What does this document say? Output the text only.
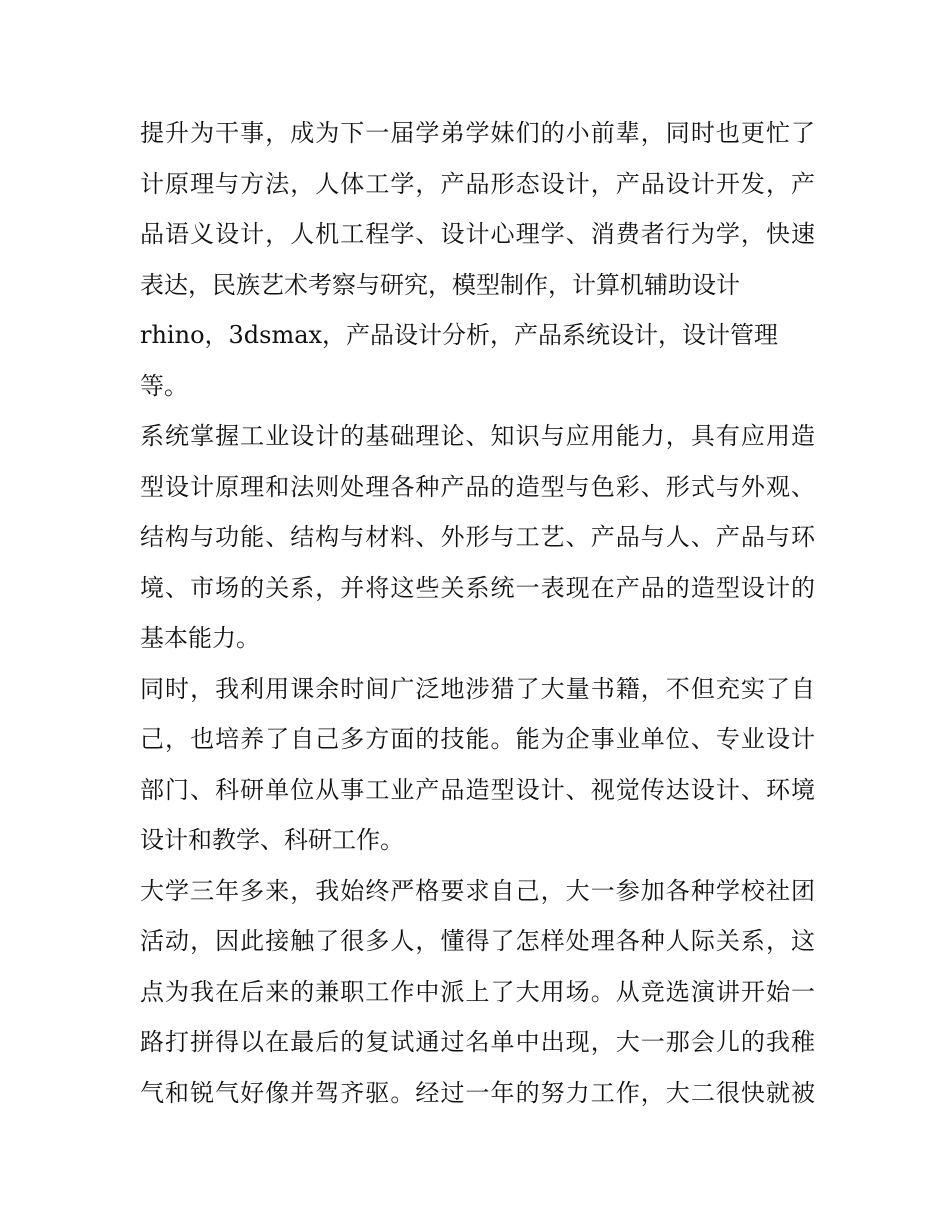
提升为干事，成为下一届学弟学妹们的小前辈，同时也更忙了
计原理与方法，人体工学，产品形态设计，产品设计开发，产
品语义设计，人机工程学、设计心理学、消费者行为学，快速
表达，民族艺术考察与研究，模型制作，计算机辅助设计
rhino，3dsmax，产品设计分析，产品系统设计，设计管理
等。
系统掌握工业设计的基础理论、知识与应用能力，具有应用造
型设计原理和法则处理各种产品的造型与色彩、形式与外观、
结构与功能、结构与材料、外形与工艺、产品与人、产品与环
境、市场的关系，并将这些关系统一表现在产品的造型设计的
基本能力。
同时，我利用课余时间广泛地涉猎了大量书籍，不但充实了自
己，也培养了自己多方面的技能。能为企事业单位、专业设计
部门、科研单位从事工业产品造型设计、视觉传达设计、环境
设计和教学、科研工作。
大学三年多来，我始终严格要求自己，大一参加各种学校社团
活动，因此接触了很多人，懂得了怎样处理各种人际关系，这
点为我在后来的兼职工作中派上了大用场。从竞选演讲开始一
路打拼得以在最后的复试通过名单中出现，大一那会儿的我稚
气和锐气好像并驾齐驱。经过一年的努力工作，大二很快就被
